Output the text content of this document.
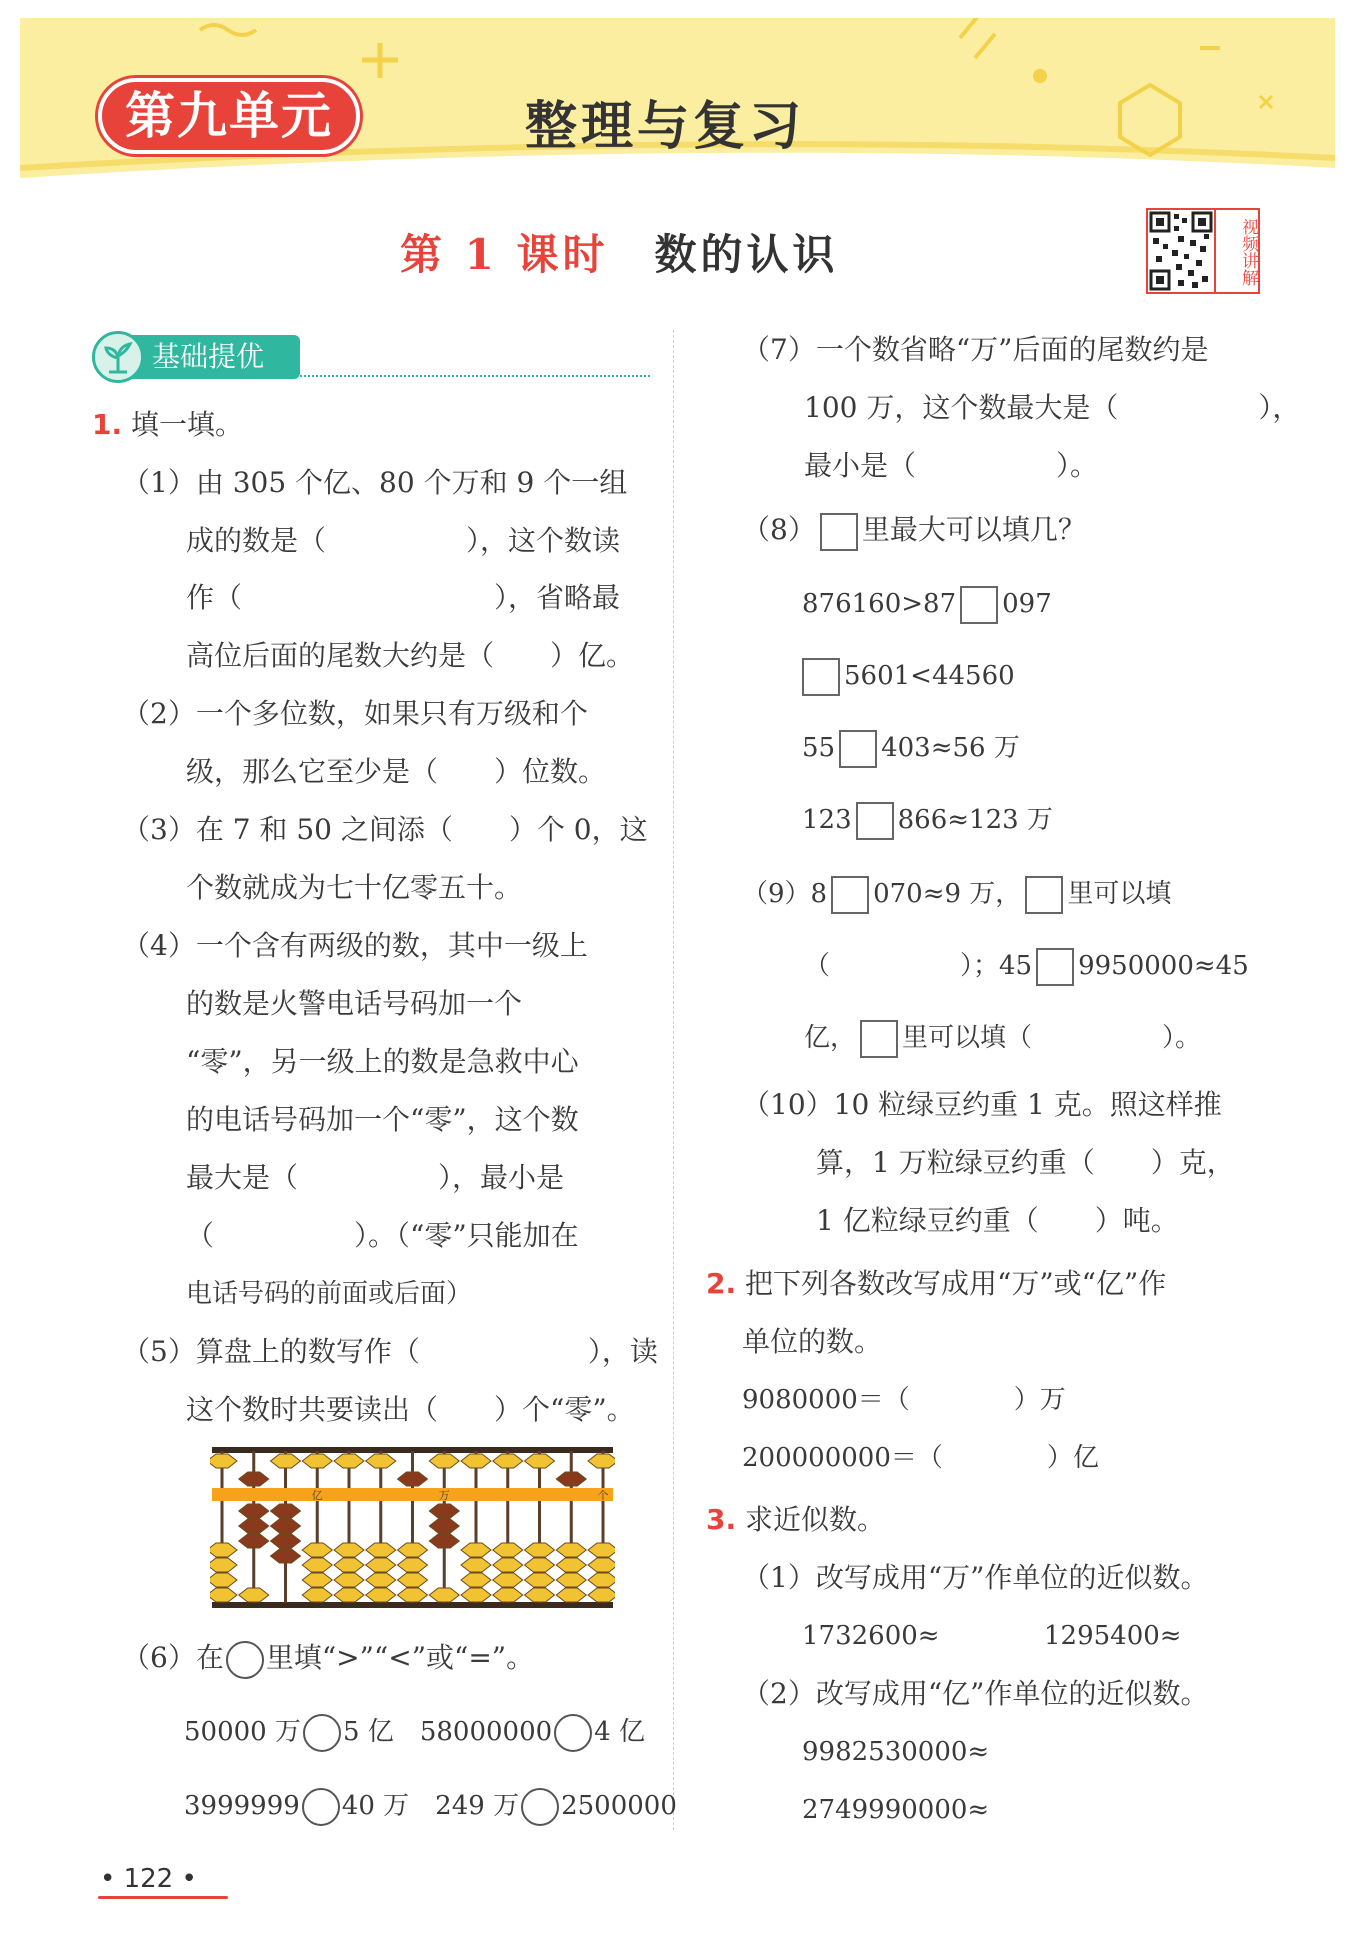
第九单元	整理与复习
第 1 课时 数的认识	视频讲解
基础提优
1. 填一填。
（1）由 305 个亿、80 个万和 9 个一组
成的数是（　　　　　），这个数读
作（　　　　　　　　　），省略最
高位后面的尾数大约是（　　）亿。
（2）一个多位数，如果只有万级和个
级，那么它至少是（　　）位数。
（3）在 7 和 50 之间添（　　）个 0，这
个数就成为七十亿零五十。
（4）一个含有两级的数，其中一级上
的数是火警电话号码加一个
“零”，另一级上的数是急救中心
的电话号码加一个“零”，这个数
最大是（　　　　　），最小是
（　　　　　）。（“零”只能加在
电话号码的前面或后面）
（5）算盘上的数写作（　　　　　　），读
这个数时共要读出（　　）个“零”。
亿	万	个
（6）在 里填“>”“<”或“=”。
50000 万 5 亿　 58000000 4 亿
3999999 40 万　 249 万 2500000
（7）一个数省略“万”后面的尾数约是
100 万，这个数最大是（　　　　　），
最小是（　　　　　）。
（8） 里最大可以填几？
876160>87 097
5601<44560
55 403≈56 万
123 866≈123 万
（9）8 070≈9 万， 里可以填
（　　　　　）；45 9950000≈45
亿， 里可以填（　　　　　）。
（10）10 粒绿豆约重 1 克。照这样推
算，1 万粒绿豆约重（　　）克，
1 亿粒绿豆约重（　　）吨。
2. 把下列各数改写成用“万”或“亿”作
单位的数。
9080000＝（　　　　）万
200000000＝（　　　　）亿
3. 求近似数。
（1）改写成用“万”作单位的近似数。
1732600≈	1295400≈
（2）改写成用“亿”作单位的近似数。
9982530000≈
2749990000≈
• 122 •
